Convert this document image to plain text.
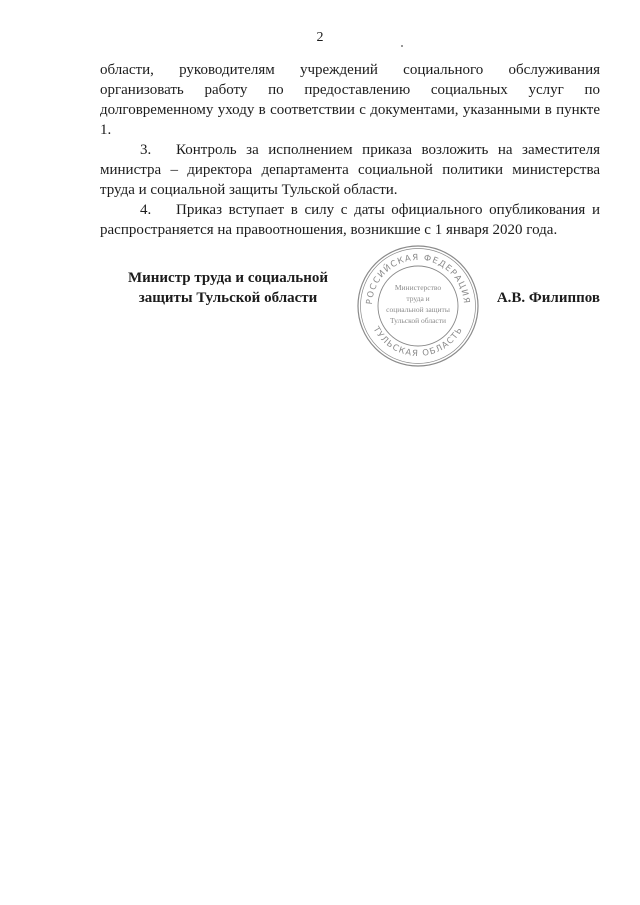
2

области, руководителям учреждений социального обслуживания

организовать работу по предоставлению социальных услуг по

долговременному уходу в соответствии с документами, указанными в пункте

1.

3. Контроль за исполнением приказа возложить на заместителя министра – директора департамента социальной политики министерства труда и социальной защиты Тульской области.

4. Приказ вступает в силу с даты официального опубликования и распространяется на правоотношения, возникшие с 1 января 2020 года.

Министр труда и социальной
защиты Тульской области	РОССИЙСКАЯ ФЕДЕРАЦИЯ
ТУЛЬСКАЯ ОБЛАСТЬ
Министерство
труда и
социальной защиты
Тульской области
А.В. Филиппов
